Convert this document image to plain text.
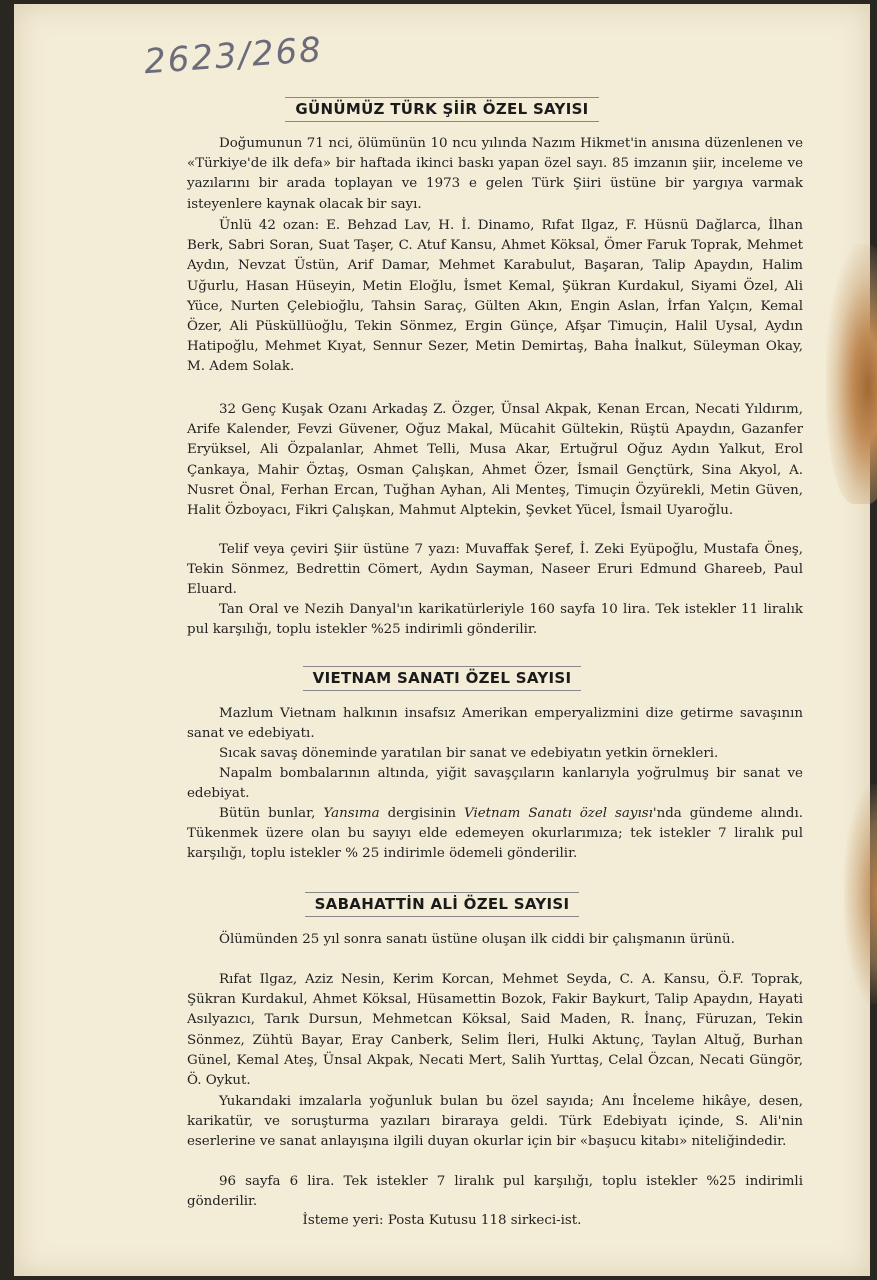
2623/268
GÜNÜMÜZ TÜRK ŞİİR ÖZEL SAYISI

Doğumunun 71 nci, ölümünün 10 ncu yılında Nazım Hikmet'in anısına düzenlenen ve «Türkiye'de ilk defa» bir haftada ikinci baskı yapan özel sayı. 85 imzanın şiir, inceleme ve yazılarını bir arada toplayan ve 1973 e gelen Türk Şiiri üstüne bir yargıya varmak isteyenlere kaynak olacak bir sayı.

Ünlü 42 ozan: E. Behzad Lav, H. İ. Dinamo, Rıfat Ilgaz, F. Hüsnü Dağlarca, İlhan Berk, Sabri Soran, Suat Taşer, C. Atuf Kansu, Ahmet Köksal, Ömer Faruk Toprak, Mehmet Aydın, Nevzat Üstün, Arif Damar, Mehmet Karabulut, Başaran, Talip Apaydın, Halim Uğurlu, Hasan Hüseyin, Metin Eloğlu, İsmet Kemal, Şükran Kurdakul, Siyami Özel, Ali Yüce, Nurten Çelebioğlu, Tahsin Saraç, Gülten Akın, Engin Aslan, İrfan Yalçın, Kemal Özer, Ali Püsküllüoğlu, Tekin Sönmez, Ergin Günçe, Afşar Timuçin, Halil Uysal, Aydın Hatipoğlu, Mehmet Kıyat, Sennur Sezer, Metin Demirtaş, Baha İnalkut, Süleyman Okay, M. Adem Solak.

32 Genç Kuşak Ozanı Arkadaş Z. Özger, Ünsal Akpak, Kenan Ercan, Necati Yıldırım, Arife Kalender, Fevzi Güvener, Oğuz Makal, Mücahit Gültekin, Rüştü Apaydın, Gazanfer Eryüksel, Ali Özpalanlar, Ahmet Telli, Musa Akar, Ertuğrul Oğuz Aydın Yalkut, Erol Çankaya, Mahir Öztaş, Osman Çalışkan, Ahmet Özer, İsmail Gençtürk, Sina Akyol, A. Nusret Önal, Ferhan Ercan, Tuğhan Ayhan, Ali Menteş, Timuçin Özyürekli, Metin Güven, Halit Özboyacı, Fikri Çalışkan, Mahmut Alptekin, Şevket Yücel, İsmail Uyaroğlu.

Telif veya çeviri Şiir üstüne 7 yazı: Muvaffak Şeref, İ. Zeki Eyüpoğlu, Mustafa Öneş, Tekin Sönmez, Bedrettin Cömert, Aydın Sayman, Naseer Eruri Edmund Ghareeb, Paul Eluard.

Tan Oral ve Nezih Danyal'ın karikatürleriyle 160 sayfa 10 lira. Tek istekler 11 liralık pul karşılığı, toplu istekler %25 indirimli gönderilir.

VIETNAM SANATI ÖZEL SAYISI

Mazlum Vietnam halkının insafsız Amerikan emperyalizmini dize getirme savaşının sanat ve edebiyatı.

Sıcak savaş döneminde yaratılan bir sanat ve edebiyatın yetkin örnekleri.

Napalm bombalarının altında, yiğit savaşçıların kanlarıyla yoğrulmuş bir sanat ve edebiyat.

Bütün bunlar, Yansıma dergisinin Vietnam Sanatı özel sayısı'nda gündeme alındı. Tükenmek üzere olan bu sayıyı elde edemeyen okurlarımıza; tek istekler 7 liralık pul karşılığı, toplu istekler % 25 indirimle ödemeli gönderilir.

SABAHATTİN ALİ ÖZEL SAYISI

Ölümünden 25 yıl sonra sanatı üstüne oluşan ilk ciddi bir çalışmanın ürünü.

Rıfat Ilgaz, Aziz Nesin, Kerim Korcan, Mehmet Seyda, C. A. Kansu, Ö.F. Toprak, Şükran Kurdakul, Ahmet Köksal, Hüsamettin Bozok, Fakir Baykurt, Talip Apaydın, Hayati Asılyazıcı, Tarık Dursun, Mehmetcan Köksal, Said Maden, R. İnanç, Füruzan, Tekin Sönmez, Zühtü Bayar, Eray Canberk, Selim İleri, Hulki Aktunç, Taylan Altuğ, Burhan Günel, Kemal Ateş, Ünsal Akpak, Necati Mert, Salih Yurttaş, Celal Özcan, Necati Güngör, Ö. Oykut.

Yukarıdaki imzalarla yoğunluk bulan bu özel sayıda; Anı İnceleme hikâye, desen, karikatür, ve soruşturma yazıları biraraya geldi. Türk Edebiyatı içinde, S. Ali'nin eserlerine ve sanat anlayışına ilgili duyan okurlar için bir «başucu kitabı» niteliğindedir.

96 sayfa 6 lira. Tek istekler 7 liralık pul karşılığı, toplu istekler %25 indirimli gönderilir.

İsteme yeri: Posta Kutusu 118 sirkeci-ist.
